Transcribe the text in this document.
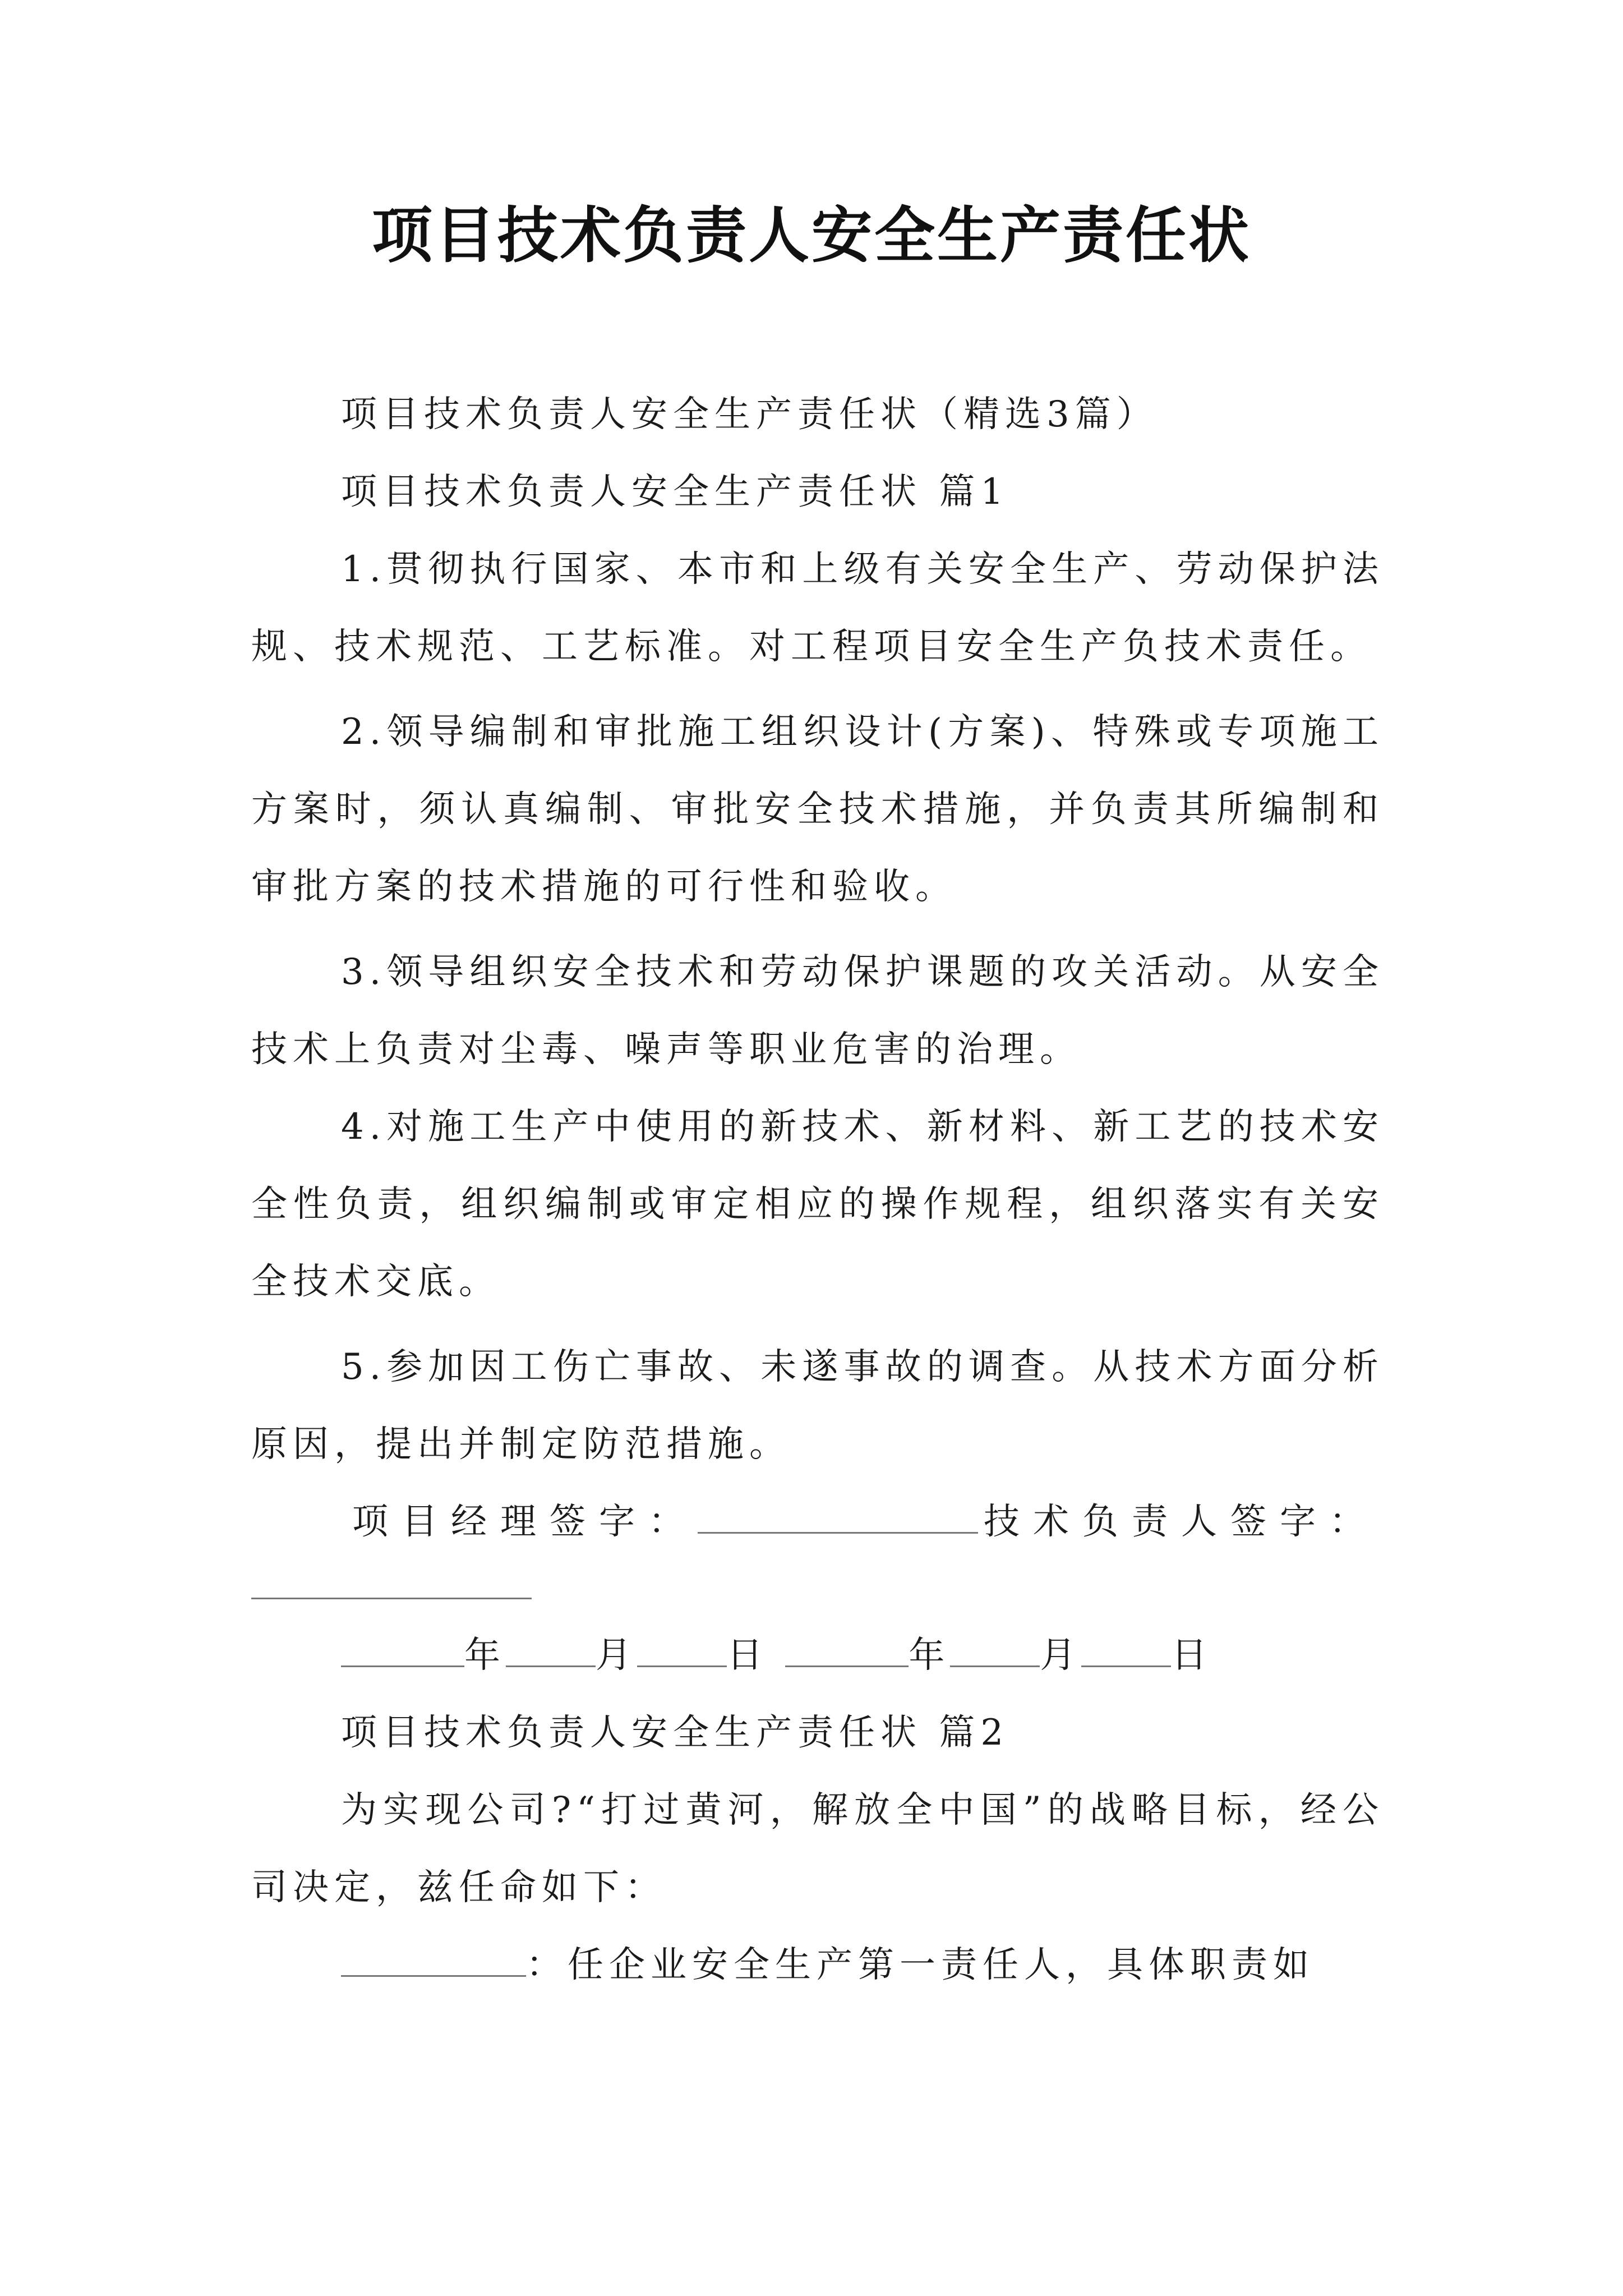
项目技术负责人安全生产责任状

项目技术负责人安全生产责任状（精选3篇）

项目技术负责人安全生产责任状 篇1

1.贯彻执行国家、本市和上级有关安全生产、劳动保护法规、技术规范、工艺标准。对工程项目安全生产负技术责任。

2.领导编制和审批施工组织设计(方案)、特殊或专项施工方案时，须认真编制、审批安全技术措施，并负责其所编制和审批方案的技术措施的可行性和验收。

3.领导组织安全技术和劳动保护课题的攻关活动。从安全技术上负责对尘毒、噪声等职业危害的治理。

4.对施工生产中使用的新技术、新材料、新工艺的技术安全性负责，组织编制或审定相应的操作规程，组织落实有关安全技术交底。

5.参加因工伤亡事故、未遂事故的调查。从技术方面分析原因，提出并制定防范措施。

项目经理签字：	技术负责人签字：

年	月	日	年	月	日

项目技术负责人安全生产责任状 篇2

为实现公司?“打过黄河，解放全中国”的战略目标，经公司决定，兹任命如下：

：任企业安全生产第一责任人，具体职责如
